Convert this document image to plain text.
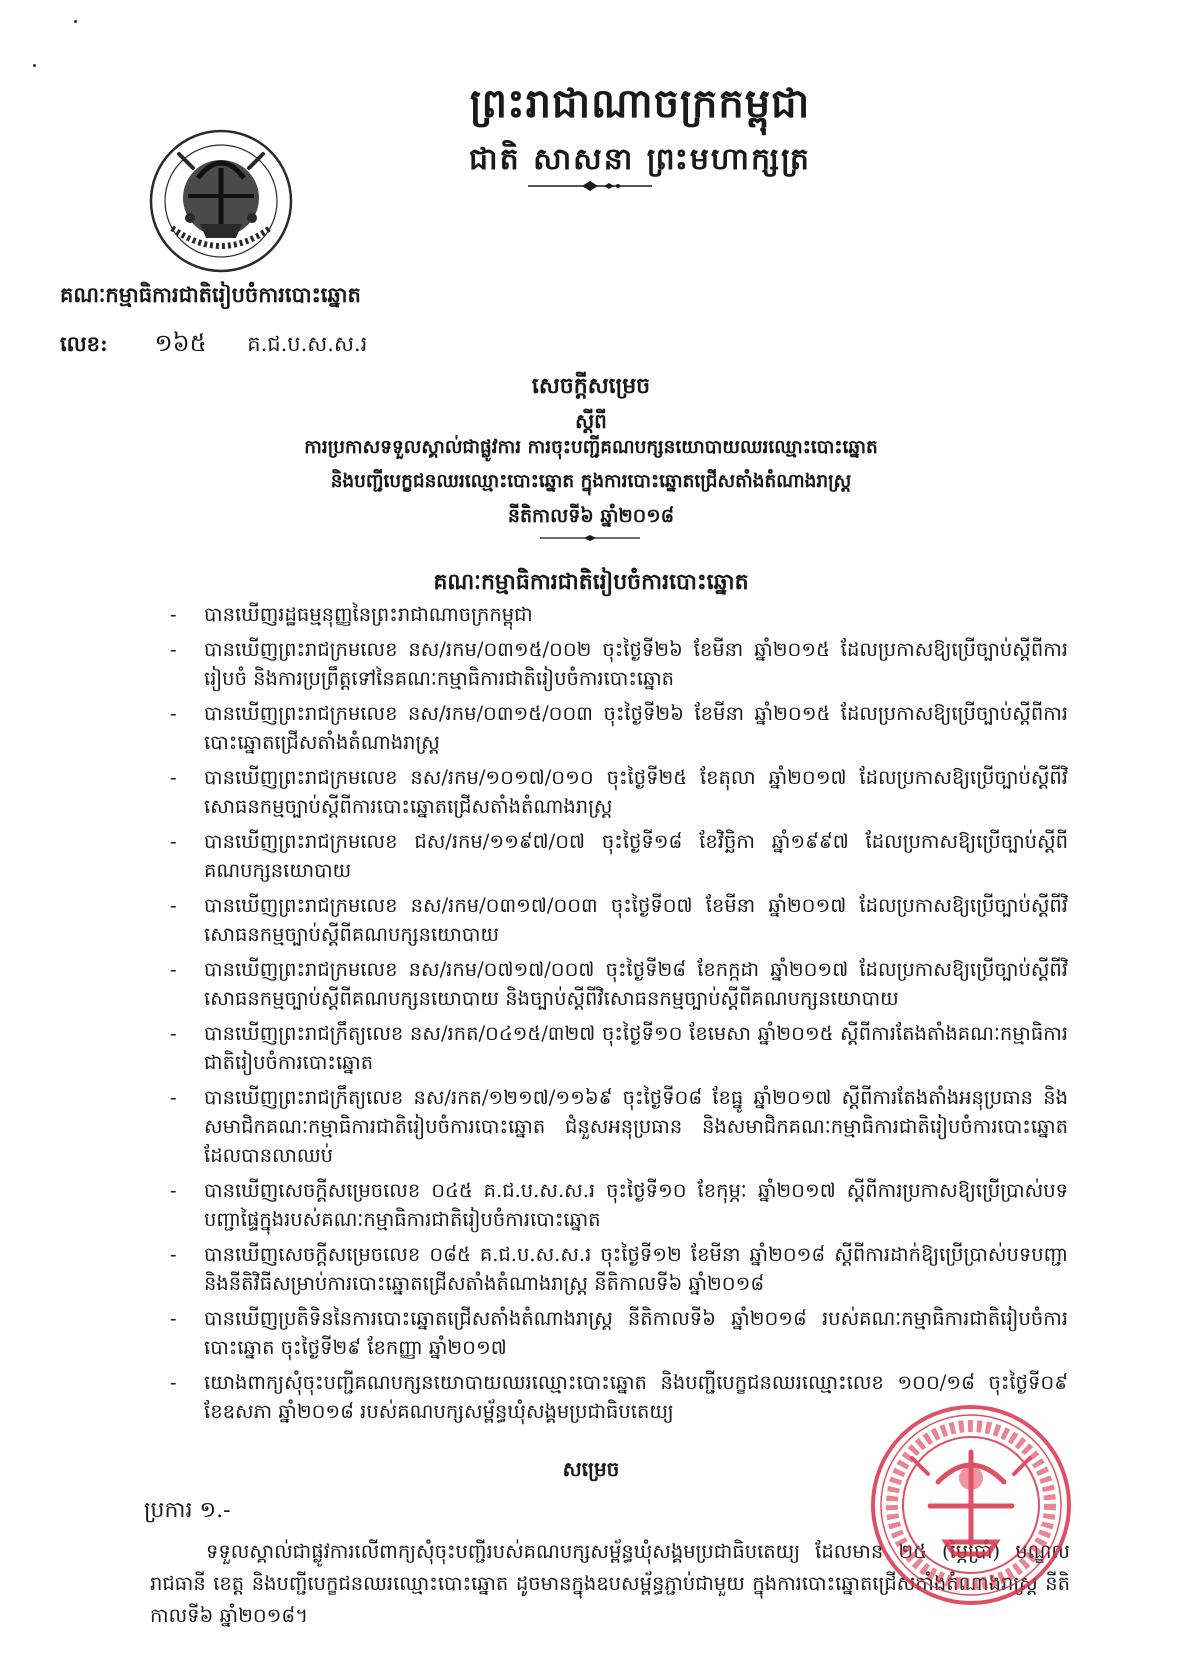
ព្រះរាជាណាចក្រកម្ពុជា
ជាតិ សាសនា ព្រះមហាក្សត្រ
គណៈកម្មាធិការជាតិរៀបចំការបោះឆ្នោត
លេខ: ១៦៥ គ.ជ.ប.ស.ស.រ
សេចក្តីសម្រេច
ស្តីពី
ការប្រកាសទទួលស្គាល់ជាផ្លូវការ ការចុះបញ្ជីគណបក្សនយោបាយឈរឈ្មោះបោះឆ្នោត
និងបញ្ជីបេក្ខជនឈរឈ្មោះបោះឆ្នោត ក្នុងការបោះឆ្នោតជ្រើសតាំងតំណាងរាស្ត្រ
នីតិកាលទី៦ ឆ្នាំ២០១៨
គណៈកម្មាធិការជាតិរៀបចំការបោះឆ្នោត
- បានឃើញរដ្ឋធម្មនុញ្ញនៃព្រះរាជាណាចក្រកម្ពុជា
- បានឃើញព្រះរាជក្រមលេខ នស/រកម/០៣១៥/០០២ ចុះថ្ងៃទី២៦ ខែមីនា ឆ្នាំ២០១៥ ដែលប្រកាសឱ្យប្រើច្បាប់ស្តីពីការរៀបចំ និងការប្រព្រឹត្តទៅនៃគណៈកម្មាធិការជាតិរៀបចំការបោះឆ្នោត
- បានឃើញព្រះរាជក្រមលេខ នស/រកម/០៣១៥/០០៣ ចុះថ្ងៃទី២៦ ខែមីនា ឆ្នាំ២០១៥ ដែលប្រកាសឱ្យប្រើច្បាប់ស្តីពីការបោះឆ្នោតជ្រើសតាំងតំណាងរាស្ត្រ
- បានឃើញព្រះរាជក្រមលេខ នស/រកម/១០១៧/០១០ ចុះថ្ងៃទី២៥ ខែតុលា ឆ្នាំ២០១៧ ដែលប្រកាសឱ្យប្រើច្បាប់ស្តីពីវិសោធនកម្មច្បាប់ស្តីពីការបោះឆ្នោតជ្រើសតាំងតំណាងរាស្ត្រ
- បានឃើញព្រះរាជក្រមលេខ ជស/រកម/១១៩៧/០៧ ចុះថ្ងៃទី១៨ ខែវិច្ឆិកា ឆ្នាំ១៩៩៧ ដែលប្រកាសឱ្យប្រើច្បាប់ស្តីពីគណបក្សនយោបាយ
- បានឃើញព្រះរាជក្រមលេខ នស/រកម/០៣១៧/០០៣ ចុះថ្ងៃទី០៧ ខែមីនា ឆ្នាំ២០១៧ ដែលប្រកាសឱ្យប្រើច្បាប់ស្តីពីវិសោធនកម្មច្បាប់ស្តីពីគណបក្សនយោបាយ
- បានឃើញព្រះរាជក្រមលេខ នស/រកម/០៧១៧/០០៧ ចុះថ្ងៃទី២៨ ខែកក្កដា ឆ្នាំ២០១៧ ដែលប្រកាសឱ្យប្រើច្បាប់ស្តីពីវិសោធនកម្មច្បាប់ស្តីពីគណបក្សនយោបាយ និងច្បាប់ស្តីពីវិសោធនកម្មច្បាប់ស្តីពីគណបក្សនយោបាយ
- បានឃើញព្រះរាជក្រឹត្យលេខ នស/រកត/០៤១៥/៣២៧ ចុះថ្ងៃទី១០ ខែមេសា ឆ្នាំ២០១៥ ស្តីពីការតែងតាំងគណៈកម្មាធិការជាតិរៀបចំការបោះឆ្នោត
- បានឃើញព្រះរាជក្រឹត្យលេខ នស/រកត/១២១៧/១១៦៩ ចុះថ្ងៃទី០៨ ខែធ្នូ ឆ្នាំ២០១៧ ស្តីពីការតែងតាំងអនុប្រធាន និងសមាជិកគណៈកម្មាធិការជាតិរៀបចំការបោះឆ្នោត ជំនួសអនុប្រធាន និងសមាជិកគណៈកម្មាធិការជាតិរៀបចំការបោះឆ្នោត ដែលបានលាឈប់
- បានឃើញសេចក្តីសម្រេចលេខ ០៤៥ គ.ជ.ប.ស.ស.រ ចុះថ្ងៃទី១០ ខែកុម្ភៈ ឆ្នាំ២០១៧ ស្តីពីការប្រកាសឱ្យប្រើប្រាស់បទបញ្ជាផ្ទៃក្នុងរបស់គណៈកម្មាធិការជាតិរៀបចំការបោះឆ្នោត
- បានឃើញសេចក្តីសម្រេចលេខ ០៨៥ គ.ជ.ប.ស.ស.រ ចុះថ្ងៃទី១២ ខែមីនា ឆ្នាំ២០១៨ ស្តីពីការដាក់ឱ្យប្រើប្រាស់បទបញ្ជា និងនីតិវិធីសម្រាប់ការបោះឆ្នោតជ្រើសតាំងតំណាងរាស្ត្រ នីតិកាលទី៦ ឆ្នាំ២០១៨
- បានឃើញប្រតិទិននៃការបោះឆ្នោតជ្រើសតាំងតំណាងរាស្ត្រ នីតិកាលទី៦ ឆ្នាំ២០១៨ របស់គណៈកម្មាធិការជាតិរៀបចំការបោះឆ្នោត ចុះថ្ងៃទី២៩ ខែកញ្ញា ឆ្នាំ២០១៧
- យោងពាក្យសុំចុះបញ្ជីគណបក្សនយោបាយឈរឈ្មោះបោះឆ្នោត និងបញ្ជីបេក្ខជនឈរឈ្មោះលេខ ១០០/១៨ ចុះថ្ងៃទី០៩ ខែឧសភា ឆ្នាំ២០១៨ របស់គណបក្សសម្ព័ន្ធឃុំសង្គមប្រជាធិបតេយ្យ
សម្រេច
ប្រការ ១.-
ទទួលស្គាល់ជាផ្លូវការលើពាក្យសុំចុះបញ្ជីរបស់គណបក្សសម្ព័ន្ធឃុំសង្គមប្រជាធិបតេយ្យ ដែលមាន ២៥ (ម្ភៃប្រាំ) មណ្ឌលរាជធានី ខេត្ត និងបញ្ជីបេក្ខជនឈរឈ្មោះបោះឆ្នោត ដូចមានក្នុងឧបសម្ព័ន្ធភ្ជាប់ជាមួយ ក្នុងការបោះឆ្នោតជ្រើសតាំងតំណាងរាស្ត្រ នីតិកាលទី៦ ឆ្នាំ២០១៨។
